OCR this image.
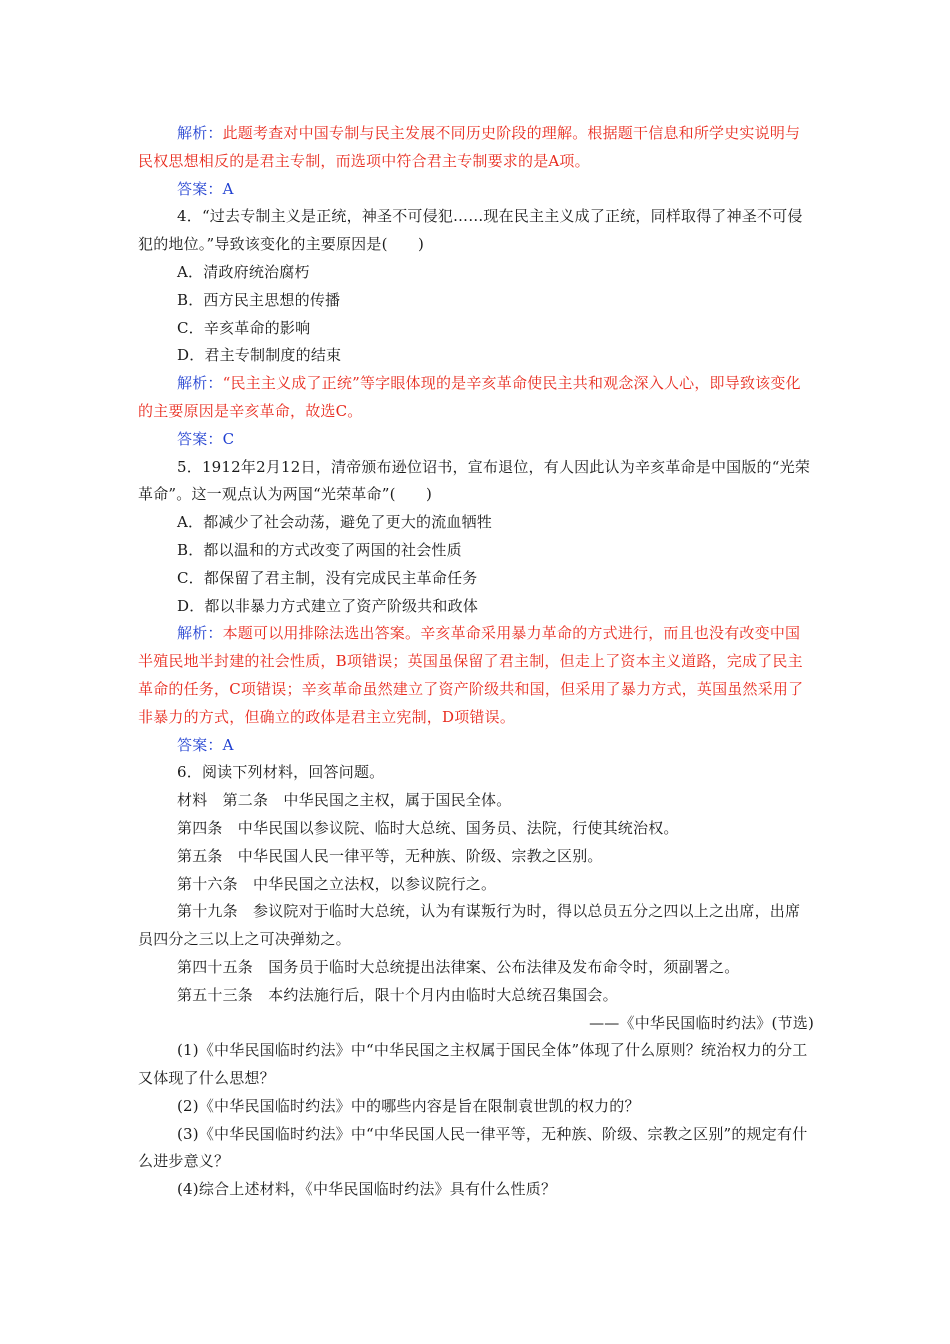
解析：此题考查对中国专制与民主发展不同历史阶段的理解。根据题干信息和所学史实说明与民权思想相反的是君主专制，而选项中符合君主专制要求的是A项。

答案：A

4．“过去专制主义是正统，神圣不可侵犯……现在民主主义成了正统，同样取得了神圣不可侵犯的地位。”导致该变化的主要原因是(　　)

A．清政府统治腐朽

B．西方民主思想的传播

C．辛亥革命的影响

D．君主专制制度的结束

解析：“民主主义成了正统”等字眼体现的是辛亥革命使民主共和观念深入人心，即导致该变化的主要原因是辛亥革命，故选C。

答案：C

5．1912年2月12日，清帝颁布逊位诏书，宣布退位，有人因此认为辛亥革命是中国版的“光荣革命”。这一观点认为两国“光荣革命”(　　)

A．都减少了社会动荡，避免了更大的流血牺牲

B．都以温和的方式改变了两国的社会性质

C．都保留了君主制，没有完成民主革命任务

D．都以非暴力方式建立了资产阶级共和政体

解析：本题可以用排除法选出答案。辛亥革命采用暴力革命的方式进行，而且也没有改变中国半殖民地半封建的社会性质，B项错误；英国虽保留了君主制，但走上了资本主义道路，完成了民主革命的任务，C项错误；辛亥革命虽然建立了资产阶级共和国，但采用了暴力方式，英国虽然采用了非暴力的方式，但确立的政体是君主立宪制，D项错误。

答案：A

6．阅读下列材料，回答问题。

材料　第二条　中华民国之主权，属于国民全体。

第四条　中华民国以参议院、临时大总统、国务员、法院，行使其统治权。

第五条　中华民国人民一律平等，无种族、阶级、宗教之区别。

第十六条　中华民国之立法权，以参议院行之。

第十九条　参议院对于临时大总统，认为有谋叛行为时，得以总员五分之四以上之出席，出席员四分之三以上之可决弹劾之。

第四十五条　国务员于临时大总统提出法律案、公布法律及发布命令时，须副署之。

第五十三条　本约法施行后，限十个月内由临时大总统召集国会。

——《中华民国临时约法》(节选)

(1)《中华民国临时约法》中“中华民国之主权属于国民全体”体现了什么原则？统治权力的分工又体现了什么思想？

(2)《中华民国临时约法》中的哪些内容是旨在限制袁世凯的权力的？

(3)《中华民国临时约法》中“中华民国人民一律平等，无种族、阶级、宗教之区别”的规定有什么进步意义？

(4)综合上述材料，《中华民国临时约法》具有什么性质？
